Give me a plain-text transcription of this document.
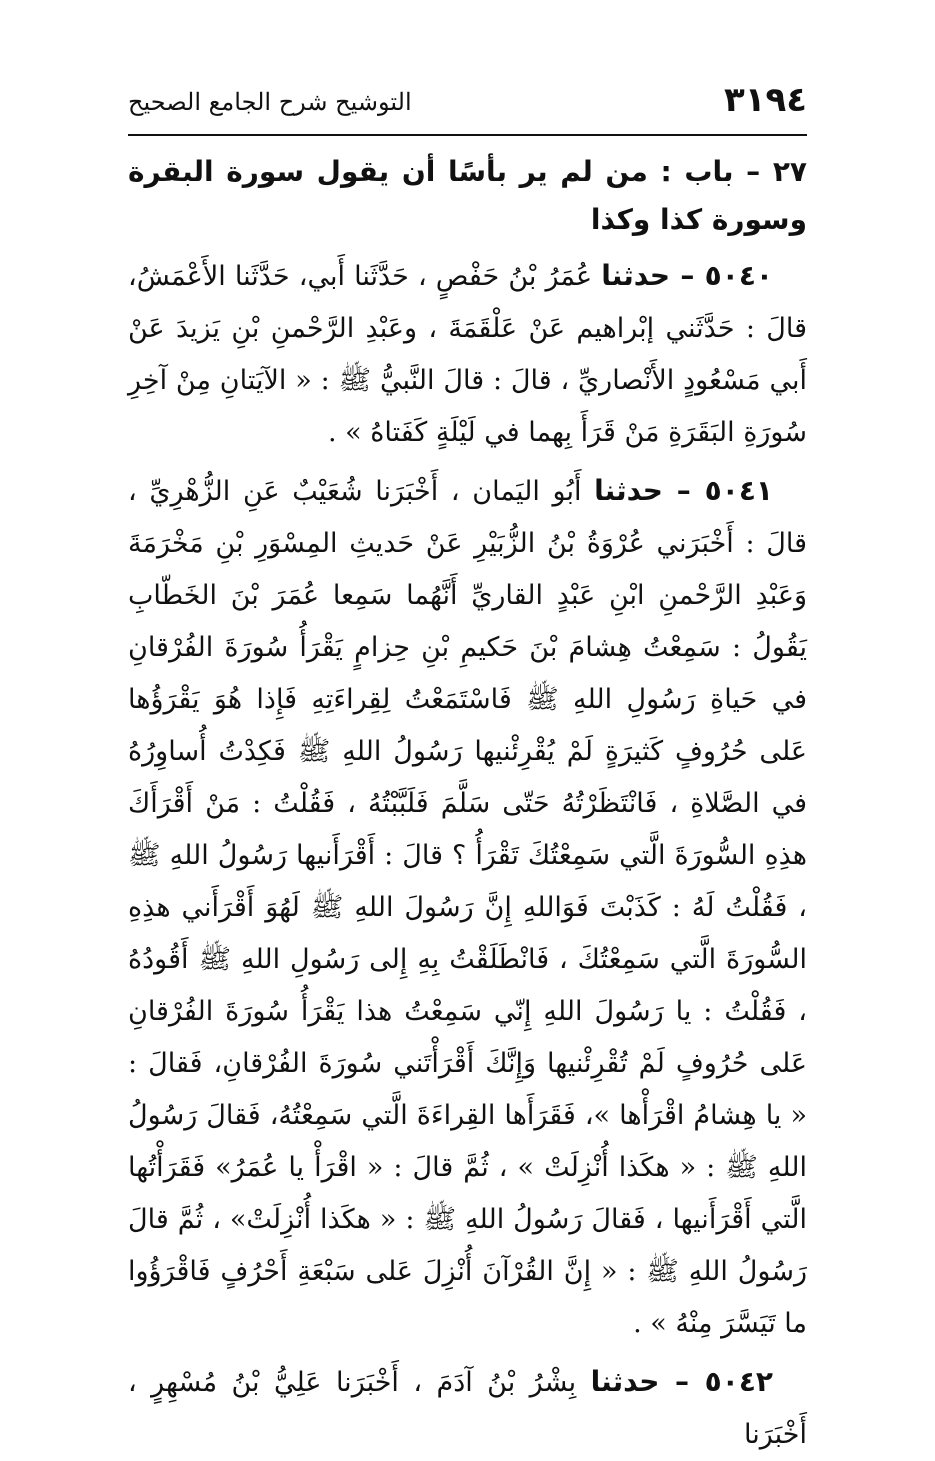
٣١٩٤
التوشيح شرح الجامع الصحيح
٢٧ – باب : من لم ير بأسًا أن يقول سورة البقرة وسورة كذا وكذا

٥٠٤٠ – حدثنا عُمَرُ بْنُ حَفْصٍ ، حَدَّثَنا أَبي، حَدَّثَنا الأَعْمَشُ، قالَ : حَدَّثَني إبْراهيم عَنْ عَلْقَمَةَ ، وعَبْدِ الرَّحْمنِ بْنِ يَزيدَ عَنْ أَبي مَسْعُودٍ الأَنْصاريِّ ، قالَ : قالَ النَّبيُّ ﷺ : « الآيَتانِ مِنْ آخِرِ سُورَةِ البَقَرَةِ مَنْ قَرَأَ بِهما في لَيْلَةٍ كَفَتاهُ » .

٥٠٤١ – حدثنا أَبُو اليَمان ، أَخْبَرَنا شُعَيْبٌ عَنِ الزُّهْرِيِّ ، قالَ : أَخْبَرَني عُرْوَةُ بْنُ الزُّبَيْرِ عَنْ حَديثِ المِسْوَرِ بْنِ مَخْرَمَةَ وَعَبْدِ الرَّحْمنِ ابْنِ عَبْدٍ القاريِّ أَنَّهُما سَمِعا عُمَرَ بْنَ الخَطّابِ يَقُولُ : سَمِعْتُ هِشامَ بْنَ حَكيمِ بْنِ حِزامٍ يَقْرَأُ سُورَةَ الفُرْقانِ في حَياةِ رَسُولِ اللهِ ﷺ فَاسْتَمَعْتُ لِقِراءَتِهِ فَإِذا هُوَ يَقْرَؤُها عَلى حُرُوفٍ كَثيرَةٍ لَمْ يُقْرِئْنيها رَسُولُ اللهِ ﷺ فَكِدْتُ أُساوِرُهُ في الصَّلاةِ ، فَانْتَظَرْتُهُ حَتّى سَلَّمَ فَلَبَّبْتُهُ ، فَقُلْتُ : مَنْ أَقْرَأَكَ هذِهِ السُّورَةَ الَّتي سَمِعْتُكَ تَقْرَأُ ؟ قالَ : أَقْرَأَنيها رَسُولُ اللهِ ﷺ ، فَقُلْتُ لَهُ : كَذَبْتَ فَوَاللهِ إِنَّ رَسُولَ اللهِ ﷺ لَهُوَ أَقْرَأَني هذِهِ السُّورَةَ الَّتي سَمِعْتُكَ ، فَانْطَلَقْتُ بِهِ إِلى رَسُولِ اللهِ ﷺ أَقُودُهُ ، فَقُلْتُ : يا رَسُولَ اللهِ إِنّي سَمِعْتُ هذا يَقْرَأُ سُورَةَ الفُرْقانِ عَلى حُرُوفٍ لَمْ تُقْرِئْنيها وَإِنَّكَ أَقْرَأْتَني سُورَةَ الفُرْقانِ، فَقالَ : « يا هِشامُ اقْرَأْها »، فَقَرَأَها القِراءَةَ الَّتي سَمِعْتُهُ، فَقالَ رَسُولُ اللهِ ﷺ : « هكَذا أُنْزِلَتْ » ، ثُمَّ قالَ : « اقْرَأْ يا عُمَرُ» فَقَرَأْتُها الَّتي أَقْرَأَنيها ، فَقالَ رَسُولُ اللهِ ﷺ : « هكَذا أُنْزِلَتْ» ، ثُمَّ قالَ رَسُولُ اللهِ ﷺ : « إِنَّ القُرْآنَ أُنْزِلَ عَلى سَبْعَةِ أَحْرُفٍ فَاقْرَؤُوا ما تَيَسَّرَ مِنْهُ » .

٥٠٤٢ – حدثنا بِشْرُ بْنُ آدَمَ ، أَخْبَرَنا عَلِيُّ بْنُ مُسْهِرٍ ، أَخْبَرَنا
